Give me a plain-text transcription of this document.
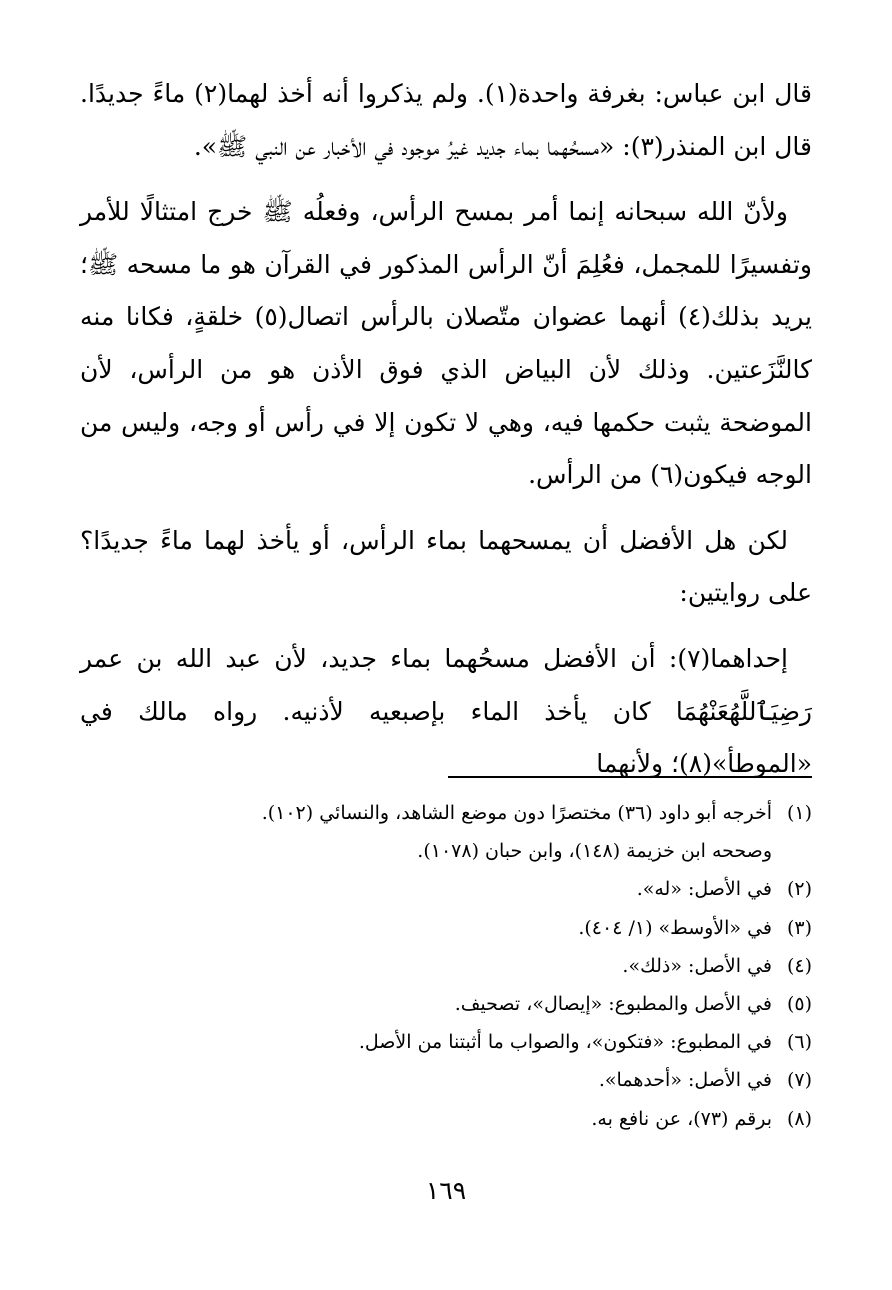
قال ابن عباس: بغرفة واحدة(١). ولم يذكروا أنه أخذ لهما(٢) ماءً جديدًا. قال ابن المنذر(٣): «مسحُهما بماء جديد غيرُ موجود في الأخبار عن النبي ﷺ».

ولأنّ الله سبحانه إنما أمر بمسح الرأس، وفعلُه ﷺ خرج امتثالًا للأمر وتفسيرًا للمجمل، فعُلِمَ أنّ الرأس المذكور في القرآن هو ما مسحه ﷺ؛ يريد بذلك(٤) أنهما عضوان متّصلان بالرأس اتصال(٥) خلقةٍ، فكانا منه كالنَّزَعتين. وذلك لأن البياض الذي فوق الأذن هو من الرأس، لأن الموضحة يثبت حكمها فيه، وهي لا تكون إلا في رأس أو وجه، وليس من الوجه فيكون(٦) من الرأس.

لكن هل الأفضل أن يمسحهما بماء الرأس، أو يأخذ لهما ماءً جديدًا؟ على روايتين:

إحداهما(٧): أن الأفضل مسحُهما بماء جديد، لأن عبد الله بن عمر رَضِيَٱللَّهُعَنْهُمَا كان يأخذ الماء بإصبعيه لأذنيه. رواه مالك في «الموطأ»(٨)؛ ولأنهما

(١)
أخرجه أبو داود (٣٦) مختصرًا دون موضع الشاهد، والنسائي (١٠٢).
وصححه ابن خزيمة (١٤٨)، وابن حبان (١٠٧٨).
(٢)
في الأصل: «له».
(٣)
في «الأوسط» (١/ ٤٠٤).
(٤)
في الأصل: «ذلك».
(٥)
في الأصل والمطبوع: «إيصال»، تصحيف.
(٦)
في المطبوع: «فتكون»، والصواب ما أثبتنا من الأصل.
(٧)
في الأصل: «أحدهما».
(٨)
برقم (٧٣)، عن نافع به.
١٦٩
